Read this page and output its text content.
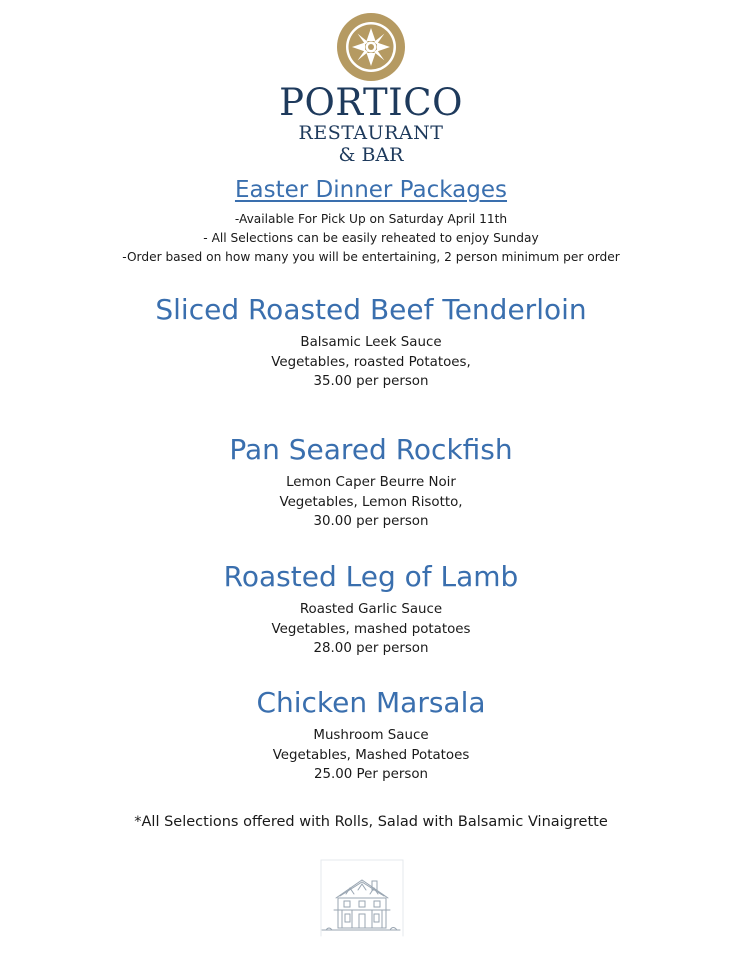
PORTICO
RESTAURANT
& BAR
Easter Dinner Packages
-Available For Pick Up on Saturday April 11th
- All Selections can be easily reheated to enjoy Sunday
-Order based on how many you will be entertaining, 2 person minimum per order
Sliced Roasted Beef Tenderloin
Balsamic Leek Sauce
Vegetables, roasted Potatoes,
35.00 per person
Pan Seared Rockfish
Lemon Caper Beurre Noir
Vegetables, Lemon Risotto,
30.00 per person
Roasted Leg of Lamb
Roasted Garlic Sauce
Vegetables, mashed potatoes
28.00 per person
Chicken Marsala
Mushroom Sauce
Vegetables, Mashed Potatoes
25.00 Per person
*All Selections offered with Rolls, Salad with Balsamic Vinaigrette
